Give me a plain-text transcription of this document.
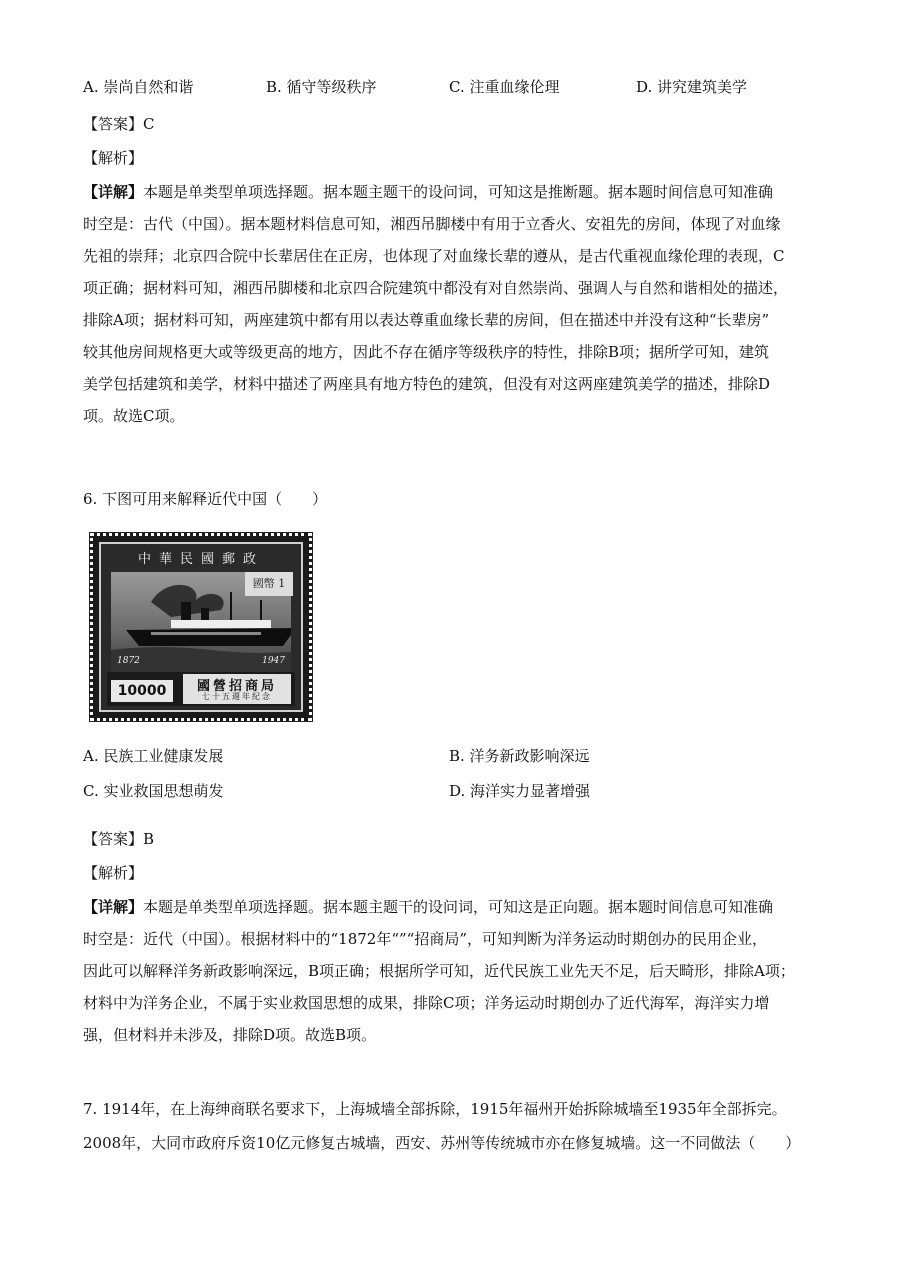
A. 崇尚自然和谐	B. 循守等级秩序	C. 注重血缘伦理	D. 讲究建筑美学
【答案】C
【解析】
【详解】本题是单类型单项选择题。据本题主题干的设问词，可知这是推断题。据本题时间信息可知准确
时空是：古代（中国）。据本题材料信息可知，湘西吊脚楼中有用于立香火、安祖先的房间，体现了对血缘
先祖的崇拜；北京四合院中长辈居住在正房，也体现了对血缘长辈的遵从，是古代重视血缘伦理的表现，C
项正确；据材料可知，湘西吊脚楼和北京四合院建筑中都没有对自然崇尚、强调人与自然和谐相处的描述，
排除A项；据材料可知，两座建筑中都有用以表达尊重血缘长辈的房间，但在描述中并没有这种“长辈房”
较其他房间规格更大或等级更高的地方，因此不存在循序等级秩序的特性，排除B项；据所学可知，建筑
美学包括建筑和美学，材料中描述了两座具有地方特色的建筑，但没有对这两座建筑美学的描述，排除D
项。故选C项。
6. 下图可用来解释近代中国（　　）
中華民國郵政
1872	1947
國幣 1
10000	國營招商局
七十五週年紀念
A. 民族工业健康发展	B. 洋务新政影响深远
C. 实业救国思想萌发	D. 海洋实力显著增强
【答案】B
【解析】
【详解】本题是单类型单项选择题。据本题主题干的设问词，可知这是正向题。据本题时间信息可知准确
时空是：近代（中国）。根据材料中的“1872年“”“招商局”，可知判断为洋务运动时期创办的民用企业，
因此可以解释洋务新政影响深远，B项正确；根据所学可知，近代民族工业先天不足，后天畸形，排除A项；
材料中为洋务企业，不属于实业救国思想的成果，排除C项；洋务运动时期创办了近代海军，海洋实力增
强，但材料并未涉及，排除D项。故选B项。
7. 1914年，在上海绅商联名要求下，上海城墙全部拆除，1915年福州开始拆除城墙至1935年全部拆完。
2008年，大同市政府斥资10亿元修复古城墙，西安、苏州等传统城市亦在修复城墙。这一不同做法（　　）
